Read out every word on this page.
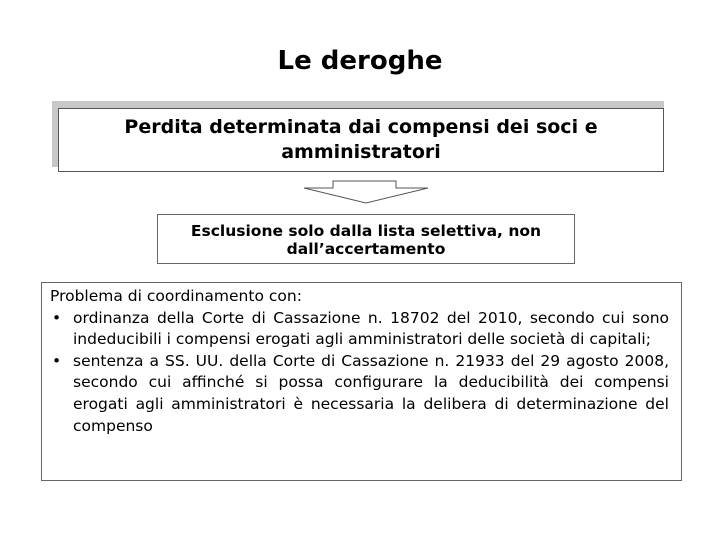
Le deroghe
Perdita determinata dai compensi dei soci e amministratori
Esclusione solo dalla lista selettiva, non
dall’accertamento

Problema di coordinamento con:

• ordinanza della Corte di Cassazione n. 18702 del 2010, secondo cui sono indeducibili i compensi erogati agli amministratori delle società di capitali;
• sentenza a SS. UU. della Corte di Cassazione n. 21933 del 29 agosto 2008, secondo cui affinché si possa configurare la deducibilità dei compensi erogati agli amministratori è necessaria la delibera di determinazione del compenso
